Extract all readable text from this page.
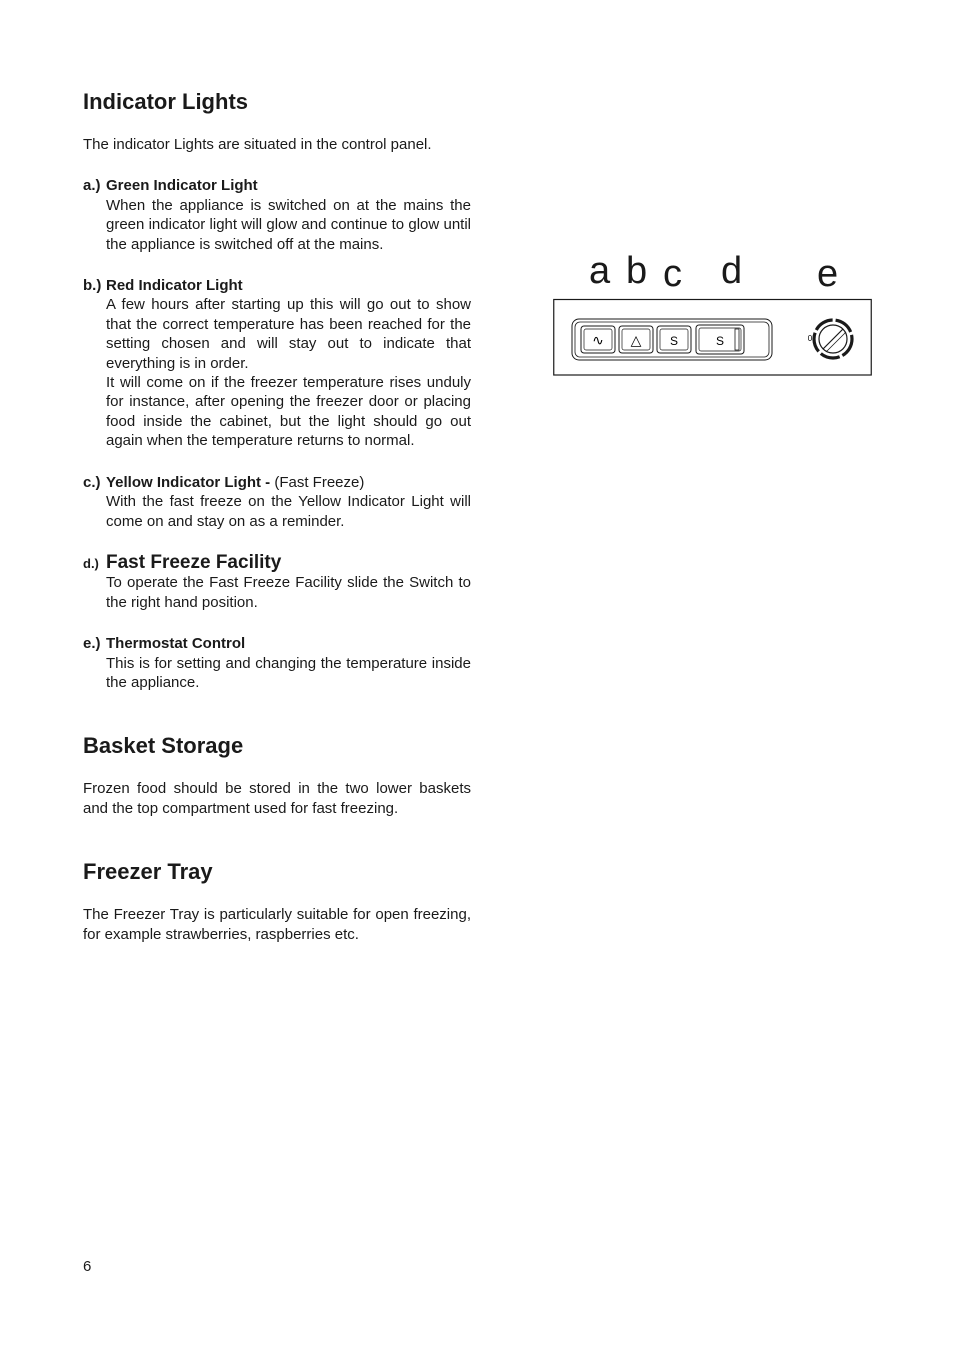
Indicator Lights

The indicator Lights are situated in the control panel.

a.) Green Indicator Light

When the appliance is switched on at the mains the green indicator light will glow and continue to glow until the appliance is switched off at the mains.

b.) Red Indicator Light

A few hours after starting up this will go out to show that the correct temperature has been reached for the setting chosen and will stay out to indicate that everything is in order.

It will come on if the freezer temperature rises unduly for instance, after opening the freezer door or placing food inside the cabinet, but the light should go out again when the temperature returns to normal.

c.) Yellow Indicator Light - (Fast Freeze)

With the fast freeze on the Yellow Indicator Light will come on and stay on as a reminder.

d.) Fast Freeze Facility

To operate the Fast Freeze Facility slide the Switch to the right hand position.

e.) Thermostat Control

This is for setting and changing the temperature inside the appliance.

Basket Storage

Frozen food should be stored in the two lower baskets and the top compartment used for fast freezing.

Freezer Tray

The Freezer Tray is particularly suitable for open freezing, for example strawberries, raspberries etc.

a b c d e
∿ △ S	S	0
6
